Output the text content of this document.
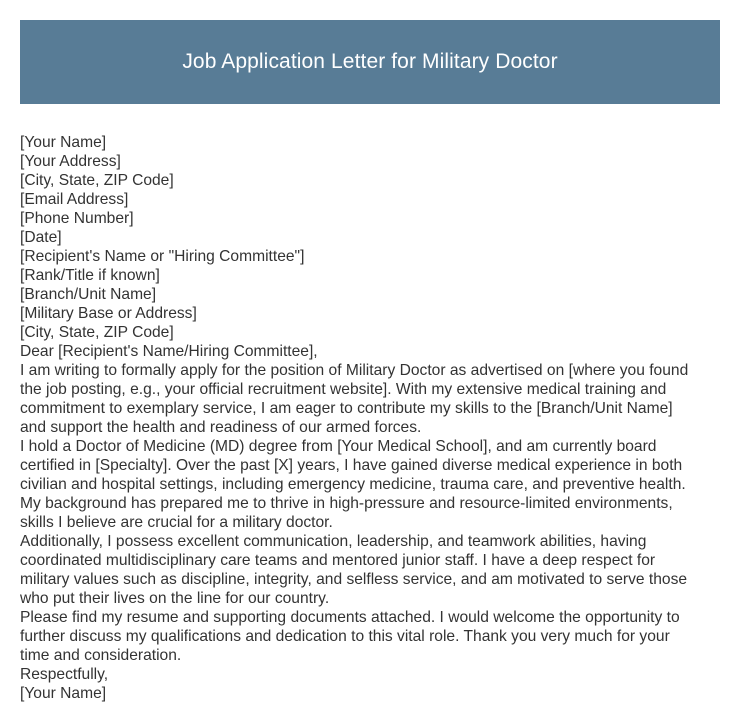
Job Application Letter for Military Doctor
[Your Name]
[Your Address]
[City, State, ZIP Code]
[Email Address]
[Phone Number]
[Date]
[Recipient's Name or "Hiring Committee"]
[Rank/Title if known]
[Branch/Unit Name]
[Military Base or Address]
[City, State, ZIP Code]
Dear [Recipient's Name/Hiring Committee],
I am writing to formally apply for the position of Military Doctor as advertised on [where you found
the job posting, e.g., your official recruitment website]. With my extensive medical training and
commitment to exemplary service, I am eager to contribute my skills to the [Branch/Unit Name]
and support the health and readiness of our armed forces.
I hold a Doctor of Medicine (MD) degree from [Your Medical School], and am currently board
certified in [Specialty]. Over the past [X] years, I have gained diverse medical experience in both
civilian and hospital settings, including emergency medicine, trauma care, and preventive health.
My background has prepared me to thrive in high-pressure and resource-limited environments,
skills I believe are crucial for a military doctor.
Additionally, I possess excellent communication, leadership, and teamwork abilities, having
coordinated multidisciplinary care teams and mentored junior staff. I have a deep respect for
military values such as discipline, integrity, and selfless service, and am motivated to serve those
who put their lives on the line for our country.
Please find my resume and supporting documents attached. I would welcome the opportunity to
further discuss my qualifications and dedication to this vital role. Thank you very much for your
time and consideration.
Respectfully,
[Your Name]
